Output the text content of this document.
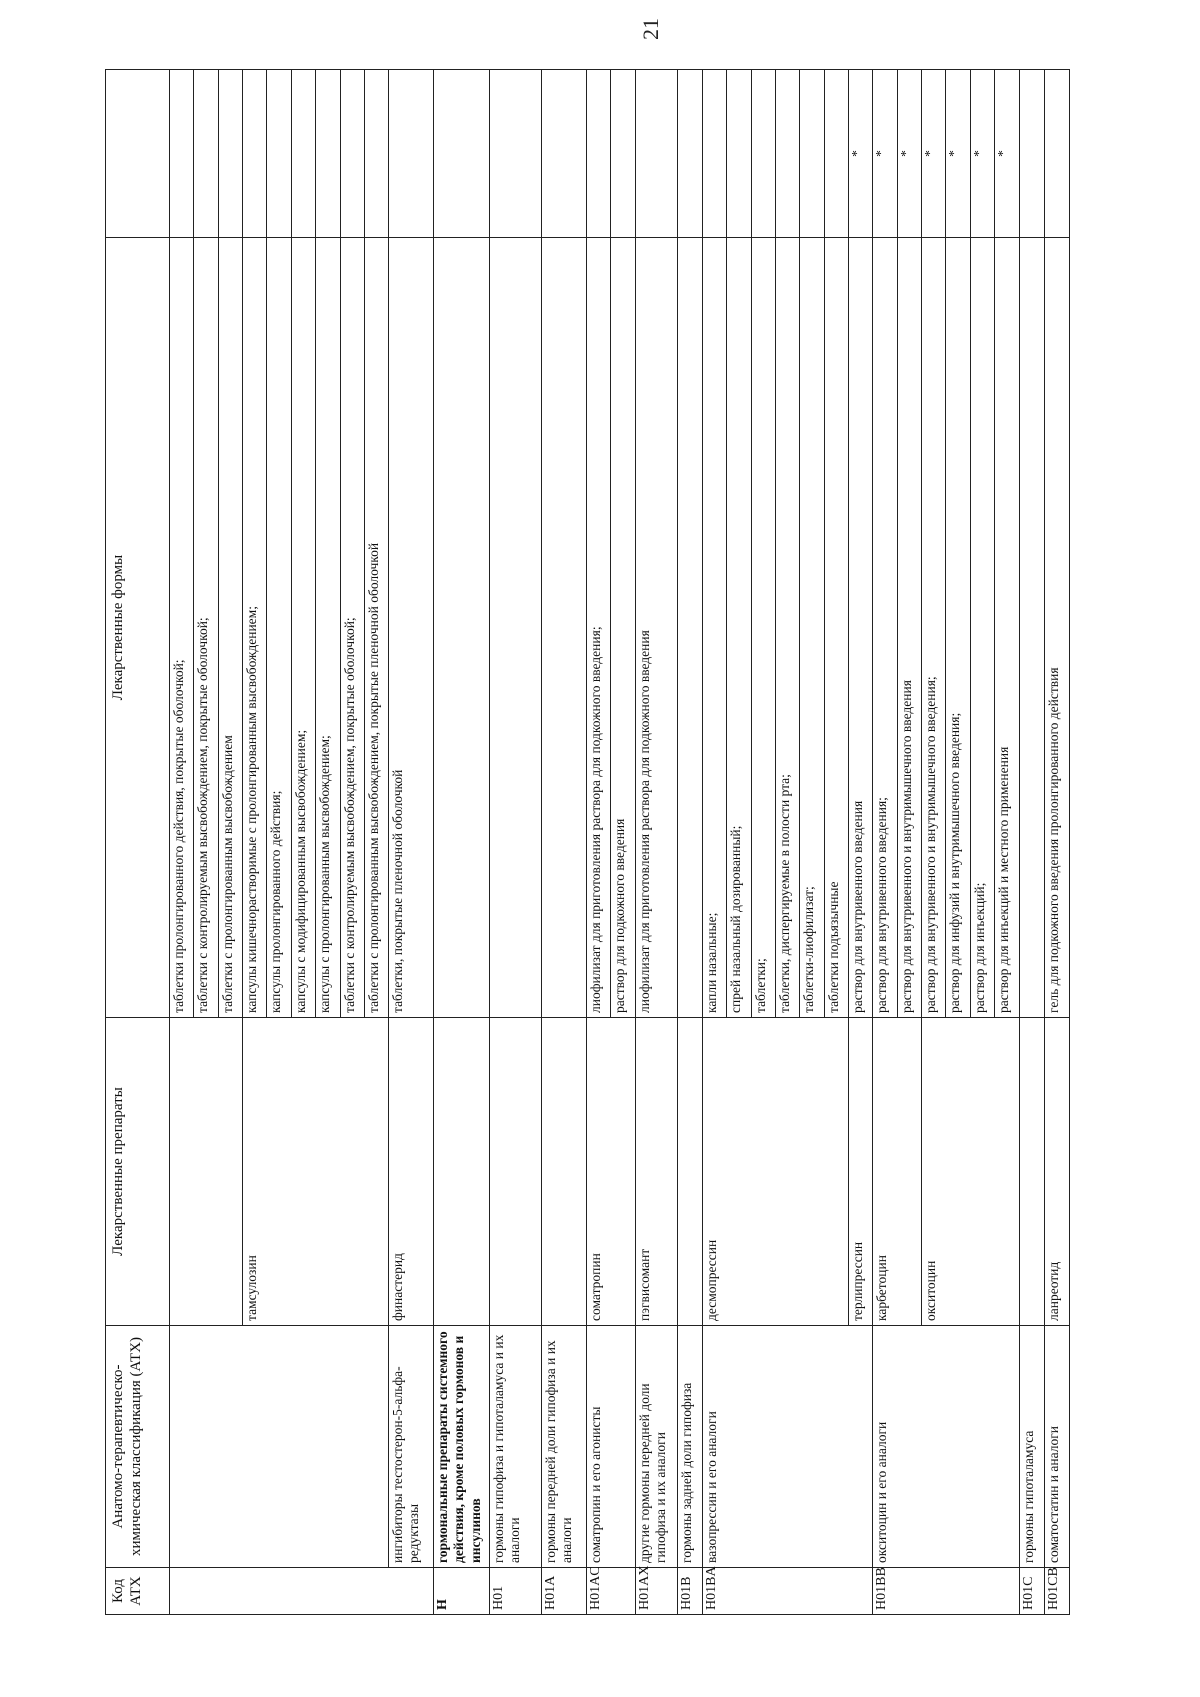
21
Код АТХ	Анатомо-терапевтическо-химическая классификация (АТХ)	Лекарственные препараты	Лекарственные формы	
			таблетки пролонгированного действия, покрытые оболочкой;	
			таблетки с контролируемым высвобождением, покрытые оболочкой;	
			таблетки с пролонгированным высвобождением	
		тамсулозин	капсулы кишечнорастворимые с пролонгированным высвобождением;	
			капсулы пролонгированного действия;	
			капсулы с модифицированным высвобождением;	
			капсулы с пролонгированным высвобождением;	
			таблетки с контролируемым высвобождением, покрытые оболочкой;	
			таблетки с пролонгированным высвобождением, покрытые пленочной оболочкой	
	ингибиторы тестостерон-5-альфа-редуктазы	финастерид	таблетки, покрытые пленочной оболочкой	
H	гормональные препараты системного действия, кроме половых гормонов и инсулинов			
H01	гормоны гипофиза и гипоталамуса и их аналоги			
H01A	гормоны передней доли гипофиза и их аналоги			
H01AC	соматропин и его агонисты	соматропин	лиофилизат для приготовления раствора для подкожного введения;	
			раствор для подкожного введения	
H01AX	другие гормоны передней доли гипофиза и их аналоги	пэгвисомант	лиофилизат для приготовления раствора для подкожного введения	
H01B	гормоны задней доли гипофиза			
H01BA	вазопрессин и его аналоги	десмопрессин	капли назальные;	
			спрей назальный дозированный;	
			таблетки;	
			таблетки, диспергируемые в полости рта;	
			таблетки-лиофилизат;	
			таблетки подъязычные	
		терлипрессин	раствор для внутривенного введения	*
H01BB	окситоцин и его аналоги	карбетоцин	раствор для внутривенного введения;	*
			раствор для внутривенного и внутримышечного введения	*
		окситоцин	раствор для внутривенного и внутримышечного введения;	*
			раствор для инфузий и внутримышечного введения;	*
			раствор для инъекций;	*
			раствор для инъекций и местного применения	*
H01C	гормоны гипоталамуса			
H01CB	соматостатин и аналоги	ланреотид	гель для подкожного введения пролонгированного действия	
